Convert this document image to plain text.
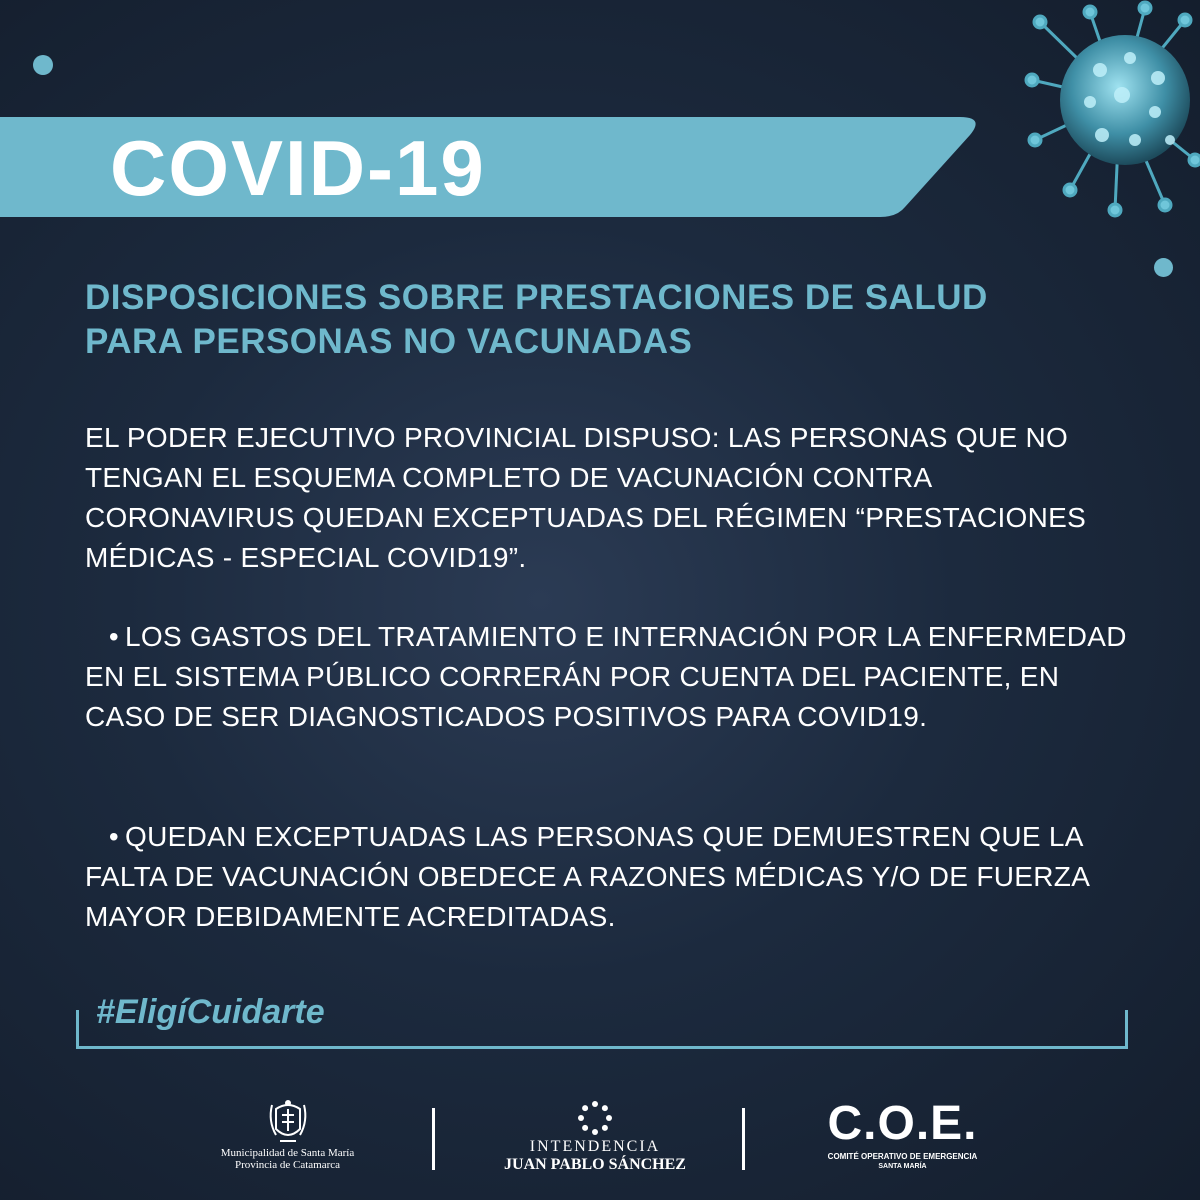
COVID-19
DISPOSICIONES SOBRE PRESTACIONES DE SALUD
PARA PERSONAS NO VACUNADAS

EL PODER EJECUTIVO PROVINCIAL DISPUSO: LAS PERSONAS QUE NO TENGAN EL ESQUEMA COMPLETO DE VACUNACIÓN CONTRA CORONAVIRUS QUEDAN EXCEPTUADAS DEL RÉGIMEN “PRESTACIONES MÉDICAS - ESPECIAL COVID19”.

• LOS GASTOS DEL TRATAMIENTO E INTERNACIÓN POR LA ENFERMEDAD EN EL SISTEMA PÚBLICO CORRERÁN POR CUENTA DEL PACIENTE, EN CASO DE SER DIAGNOSTICADOS POSITIVOS PARA COVID19.

• QUEDAN EXCEPTUADAS LAS PERSONAS QUE DEMUESTREN QUE LA FALTA DE VACUNACIÓN OBEDECE A RAZONES MÉDICAS Y/O DE FUERZA MAYOR DEBIDAMENTE ACREDITADAS.

#EligíCuidarte

Municipalidad de Santa María
Provincia de Catamarca
INTENDENCIA
JUAN PABLO SÁNCHEZ
C.O.E.
COMITÉ OPERATIVO DE EMERGENCIA
SANTA MARÍA
